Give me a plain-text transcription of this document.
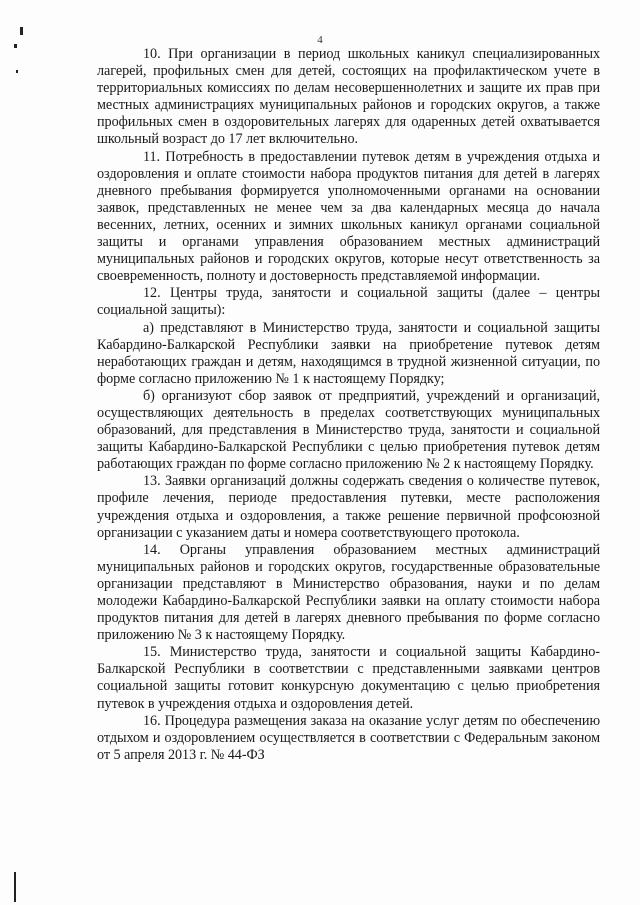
4

10. При организации в период школьных каникул специализированных лагерей, профильных смен для детей, состоящих на профилактическом учете в территориальных комиссиях по делам несовершеннолетних и защите их прав при местных администрациях муниципальных районов и городских округов, а также профильных смен в оздоровительных лагерях для одаренных детей охватывается школьный возраст до 17 лет включительно.

11. Потребность в предоставлении путевок детям в учреждения отдыха и оздоровления и оплате стоимости набора продуктов питания для детей в лагерях дневного пребывания формируется уполномоченными органами на основании заявок, представленных не менее чем за два календарных месяца до начала весенних, летних, осенних и зимних школьных каникул органами социальной защиты и органами управления образованием местных администраций муниципальных районов и городских округов, которые несут ответственность за своевременность, полноту и достоверность представляемой информации.

12. Центры труда, занятости и социальной защиты (далее – центры социальной защиты):

а) представляют в Министерство труда, занятости и социальной защиты Кабардино-Балкарской Республики заявки на приобретение путевок детям неработающих граждан и детям, находящимся в трудной жизненной ситуации, по форме согласно приложению № 1 к настоящему Порядку;

б) организуют сбор заявок от предприятий, учреждений и организаций, осуществляющих деятельность в пределах соответствующих муниципальных образований, для представления в Министерство труда, занятости и социальной защиты Кабардино-Балкарской Республики с целью приобретения путевок детям работающих граждан по форме согласно приложению № 2 к настоящему Порядку.

13. Заявки организаций должны содержать сведения о количестве путевок, профиле лечения, периоде предоставления путевки, месте расположения учреждения отдыха и оздоровления, а также решение первичной профсоюзной организации с указанием даты и номера соответствующего протокола.

14. Органы управления образованием местных администраций муниципальных районов и городских округов, государственные образовательные организации представляют в Министерство образования, науки и по делам молодежи Кабардино-Балкарской Республики заявки на оплату стоимости набора продуктов питания для детей в лагерях дневного пребывания по форме согласно приложению № 3 к настоящему Порядку.

15. Министерство труда, занятости и социальной защиты Кабардино-Балкарской Республики в соответствии с представленными заявками центров социальной защиты готовит конкурсную документацию с целью приобретения путевок в учреждения отдыха и оздоровления детей.

16. Процедура размещения заказа на оказание услуг детям по обеспечению отдыхом и оздоровлением осуществляется в соответствии с Федеральным законом от 5 апреля 2013 г. № 44-ФЗ
